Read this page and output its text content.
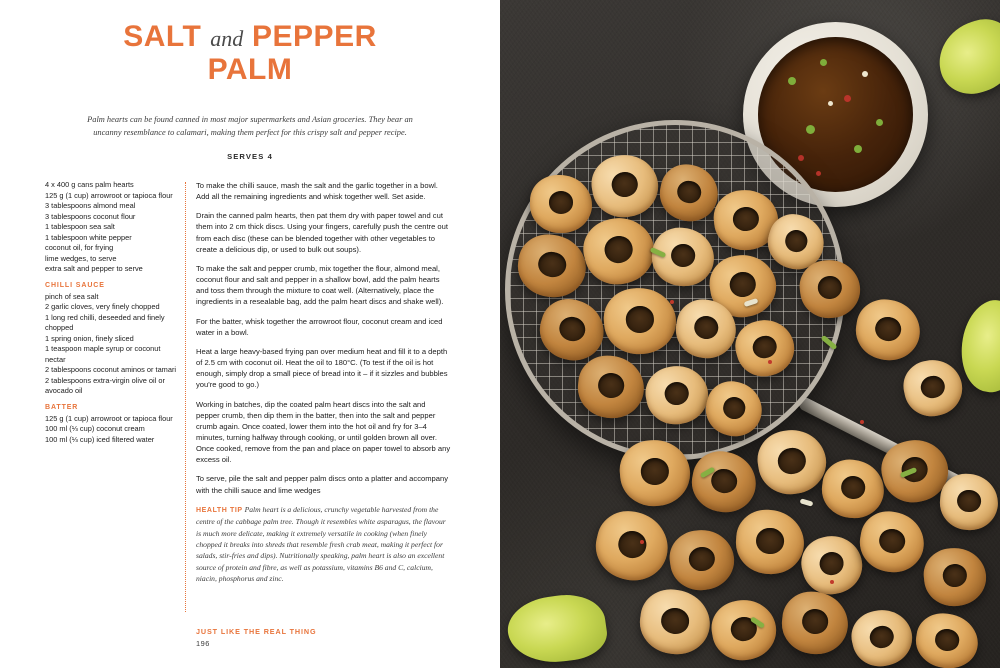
SALT and PEPPER
PALM
Palm hearts can be found canned in most major supermarkets and Asian groceries. They bear an uncanny resemblance to calamari, making them perfect for this crispy salt and pepper recipe.
SERVES 4
4 x 400 g cans palm hearts
125 g (1 cup) arrowroot or tapioca flour
3 tablespoons almond meal
3 tablespoons coconut flour
1 tablespoon sea salt
1 tablespoon white pepper
coconut oil, for frying
lime wedges, to serve
extra salt and pepper to serve
CHILLI SAUCE
pinch of sea salt
2 garlic cloves, very finely chopped
1 long red chilli, deseeded and finely chopped
1 spring onion, finely sliced
1 teaspoon maple syrup or coconut nectar
2 tablespoons coconut aminos or tamari
2 tablespoons extra-virgin olive oil or avocado oil
BATTER
125 g (1 cup) arrowroot or tapioca flour
100 ml (⅓ cup) coconut cream
100 ml (⅓ cup) iced filtered water

To make the chilli sauce, mash the salt and the garlic together in a bowl. Add all the remaining ingredients and whisk together well. Set aside.

Drain the canned palm hearts, then pat them dry with paper towel and cut them into 2 cm thick discs. Using your fingers, carefully push the centre out from each disc (these can be blended together with other vegetables to create a delicious dip, or used to bulk out soups).

To make the salt and pepper crumb, mix together the flour, almond meal, coconut flour and salt and pepper in a shallow bowl, add the palm hearts and toss them through the mixture to coat well. (Alternatively, place the ingredients in a resealable bag, add the palm heart discs and shake well).

For the batter, whisk together the arrowroot flour, coconut cream and iced water in a bowl.

Heat a large heavy-based frying pan over medium heat and fill it to a depth of 2.5 cm with coconut oil. Heat the oil to 180°C. (To test if the oil is hot enough, simply drop a small piece of bread into it – if it sizzles and bubbles you're good to go.)

Working in batches, dip the coated palm heart discs into the salt and pepper crumb, then dip them in the batter, then into the salt and pepper crumb again. Once coated, lower them into the hot oil and fry for 3–4 minutes, turning halfway through cooking, or until golden brown all over. Once cooked, remove from the pan and place on paper towel to absorb any excess oil.

To serve, pile the salt and pepper palm discs onto a platter and accompany with the chilli sauce and lime wedges

HEALTH TIP Palm heart is a delicious, crunchy vegetable harvested from the centre of the cabbage palm tree. Though it resembles white asparagus, the flavour is much more delicate, making it extremely versatile in cooking (when finely chopped it breaks into shreds that resemble fresh crab meat, making it perfect for salads, stir-fries and dips). Nutritionally speaking, palm heart is also an excellent source of protein and fibre, as well as potassium, vitamins B6 and C, calcium, niacin, phosphorus and zinc.

JUST LIKE THE REAL THING
196
